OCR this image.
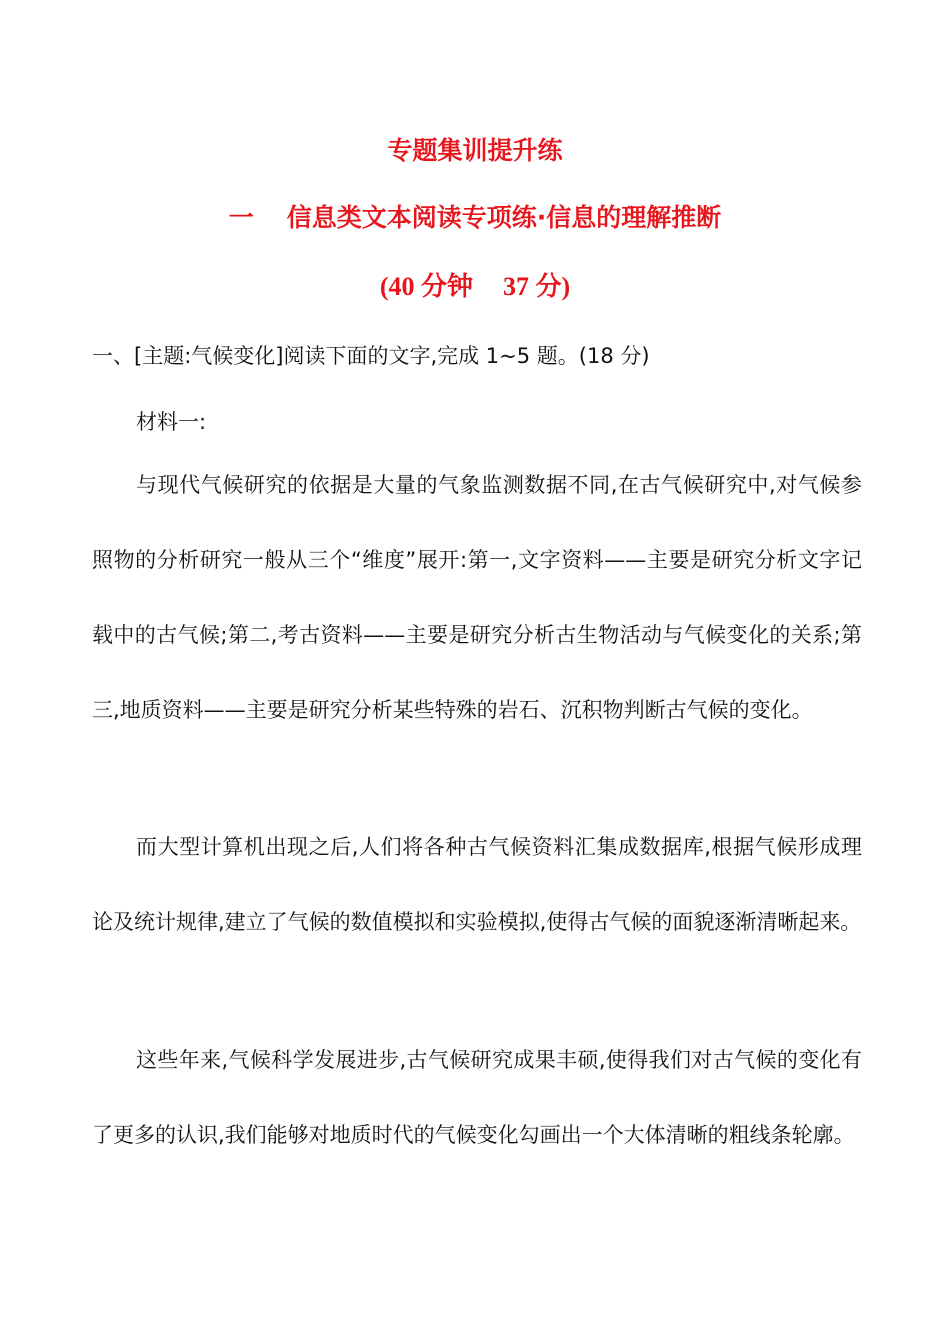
专题集训提升练
一 信息类文本阅读专项练·信息的理解推断
(40 分钟 37 分)
一、[主题:气候变化]阅读下面的文字,完成 1~5 题。(18 分)
材料一:

与现代气候研究的依据是大量的气象监测数据不同,在古气候研究中,对气候参照物的分析研究一般从三个“维度”展开:第一,文字资料——主要是研究分析文字记载中的古气候;第二,考古资料——主要是研究分析古生物活动与气候变化的关系;第三,地质资料——主要是研究分析某些特殊的岩石、沉积物判断古气候的变化。

而大型计算机出现之后,人们将各种古气候资料汇集成数据库,根据气候形成理论及统计规律,建立了气候的数值模拟和实验模拟,使得古气候的面貌逐渐清晰起来。

这些年来,气候科学发展进步,古气候研究成果丰硕,使得我们对古气候的变化有了更多的认识,我们能够对地质时代的气候变化勾画出一个大体清晰的粗线条轮廓。
